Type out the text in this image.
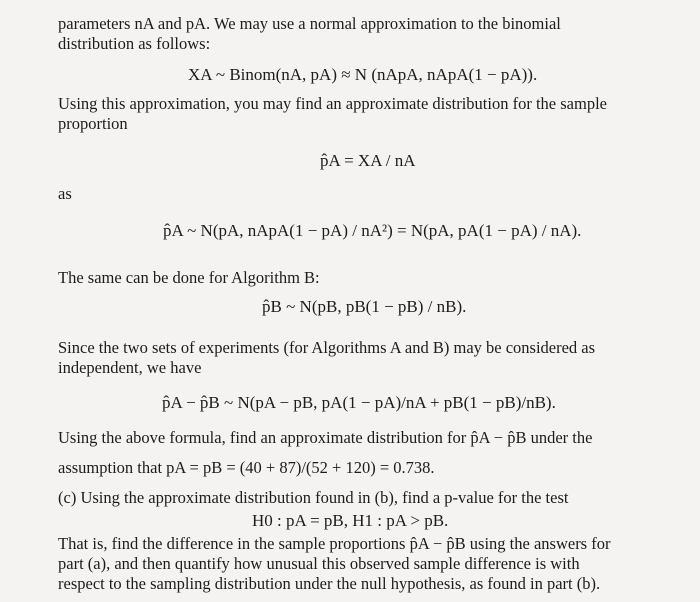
parameters nA and pA. We may use a normal approximation to the binomial
distribution as follows:
XA ~ Binom(nA, pA) ≈ N (nApA, nApA(1 − pA)).
Using this approximation, you may find an approximate distribution for the sample
proportion
p̂A = XA / nA
as
p̂A ~ N(pA, nApA(1 − pA) / nA²) = N(pA, pA(1 − pA) / nA).
The same can be done for Algorithm B:
p̂B ~ N(pB, pB(1 − pB) / nB).
Since the two sets of experiments (for Algorithms A and B) may be considered as
independent, we have
p̂A − p̂B ~ N(pA − pB, pA(1 − pA)/nA + pB(1 − pB)/nB).
Using the above formula, find an approximate distribution for p̂A − p̂B under the
assumption that pA = pB = (40 + 87)/(52 + 120) = 0.738.
(c) Using the approximate distribution found in (b), find a p-value for the test
H0 : pA = pB, H1 : pA > pB.
That is, find the difference in the sample proportions p̂A − p̂B using the answers for
part (a), and then quantify how unusual this observed sample difference is with
respect to the sampling distribution under the null hypothesis, as found in part (b).
